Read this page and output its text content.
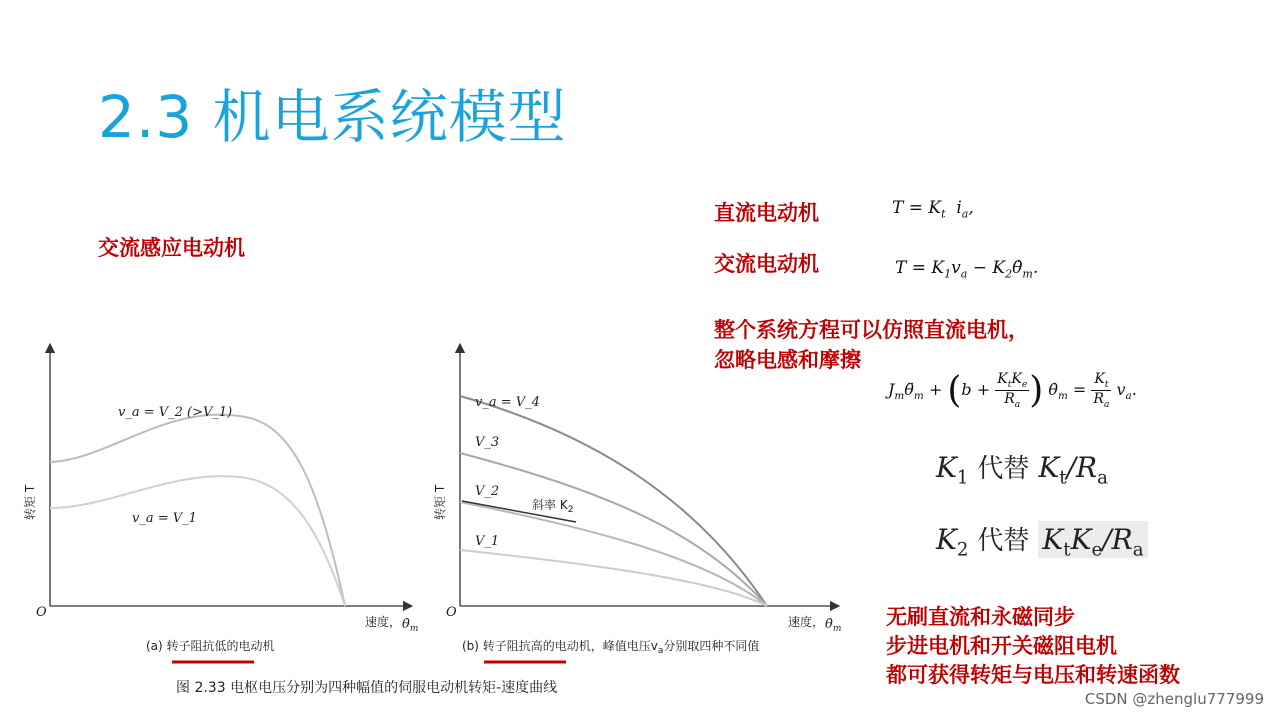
2.3 机电系统模型
交流感应电动机
直流电动机	$T = K_t$  $i_a$,
交流电动机	$T = K_1v_a$ − $K_2\thetȧ_m$.
整个系统方程可以仿照直流电机，
忽略电感和摩擦
$J_m\thetä_m + (b + \frac{K_tK_e}{R_a}$ ) $\thetȧ_m = \frac{K_t}{R_a} v_a$.
$K_1$ 代替 $K_t/R_a$
$K_2$ 代替 $K_tK_e/R_a$
无刷直流和永磁同步
步进电机和开关磁阻电机
都可获得转矩与电压和转速函数
v_a = V_2 (>V_1)
v_a = V_1
O
转矩 T
速度， $\thetȧ_m$
v_a = V_4
V_3
V_2
V_1
斜率 $K_2$
O
转矩 T
速度， $\thetȧ_m$
(a) 转子阻抗低的电动机	(b) 转子阻抗高的电动机，峰值电压$v_a$分别取四种不同值
图 2.33 电枢电压分别为四种幅值的伺服电动机转矩-速度曲线
CSDN @zhenglu777999
